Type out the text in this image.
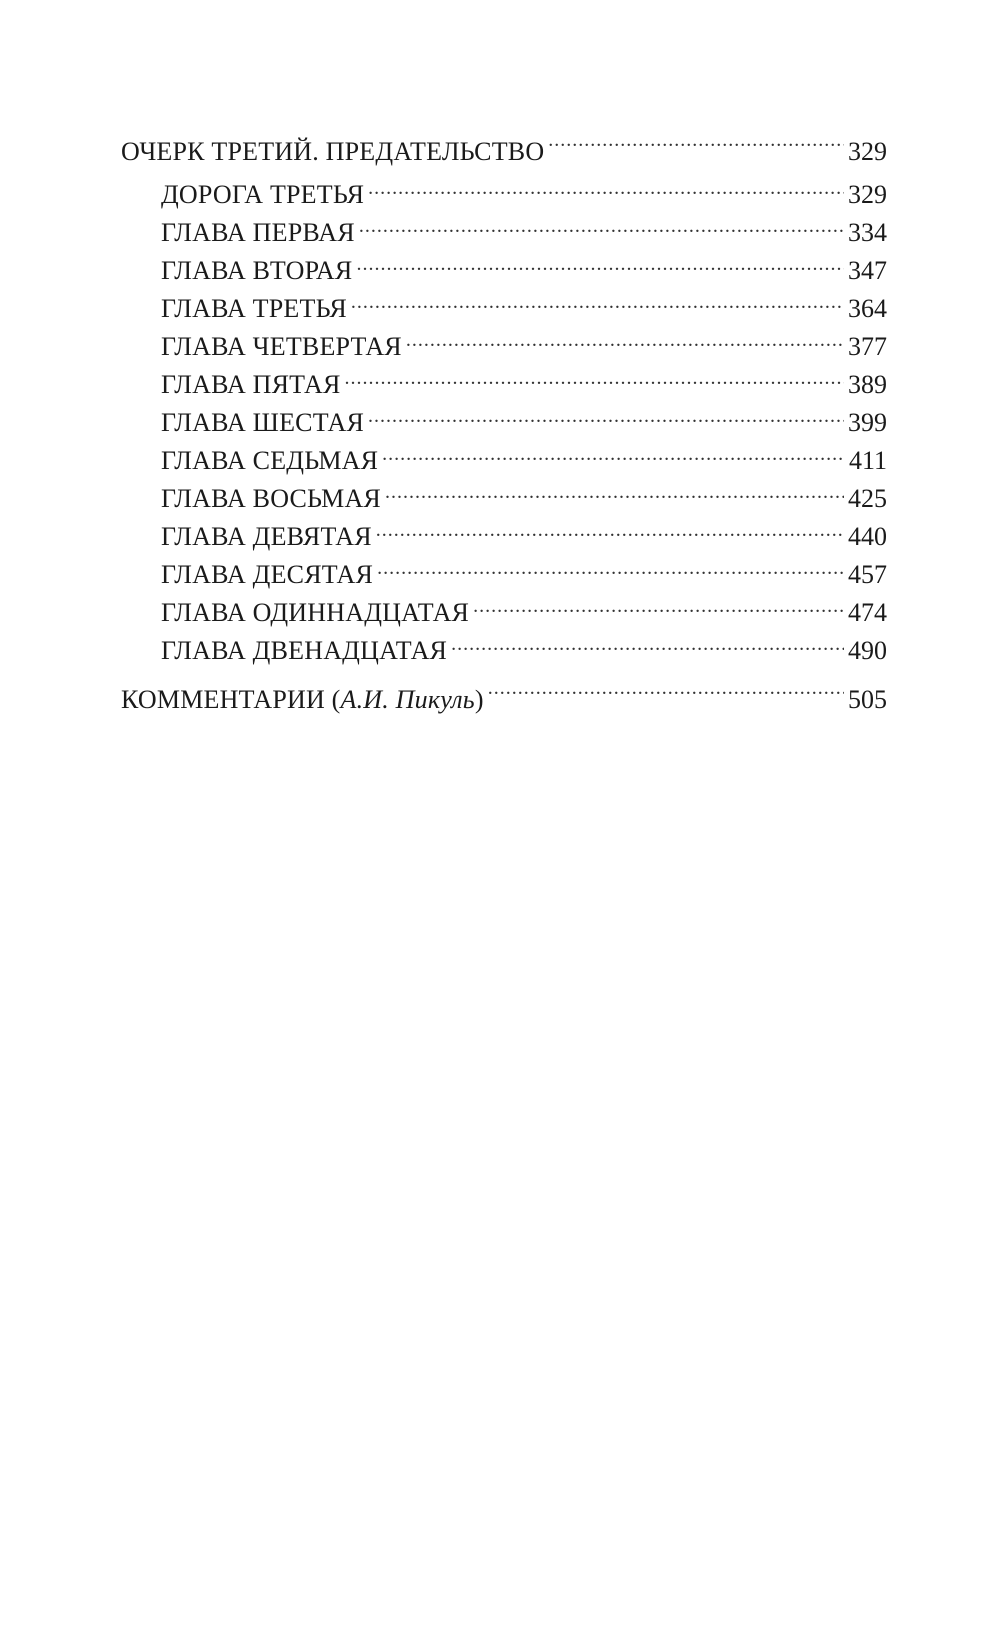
ОЧЕРК ТРЕТИЙ. ПРЕДАТЕЛЬСТВО .....	329
ДОРОГА ТРЕТЬЯ .....	329
ГЛАВА ПЕРВАЯ .....	334
ГЛАВА ВТОРАЯ .....	347
ГЛАВА ТРЕТЬЯ .....	364
ГЛАВА ЧЕТВЕРТАЯ .....	377
ГЛАВА ПЯТАЯ .....	389
ГЛАВА ШЕСТАЯ .....	399
ГЛАВА СЕДЬМАЯ .....	411
ГЛАВА ВОСЬМАЯ .....	425
ГЛАВА ДЕВЯТАЯ .....	440
ГЛАВА ДЕСЯТАЯ .....	457
ГЛАВА ОДИННАДЦАТАЯ .....	474
ГЛАВА ДВЕНАДЦАТАЯ .....	490
КОММЕНТАРИИ (А.И. Пикуль) .....	505
